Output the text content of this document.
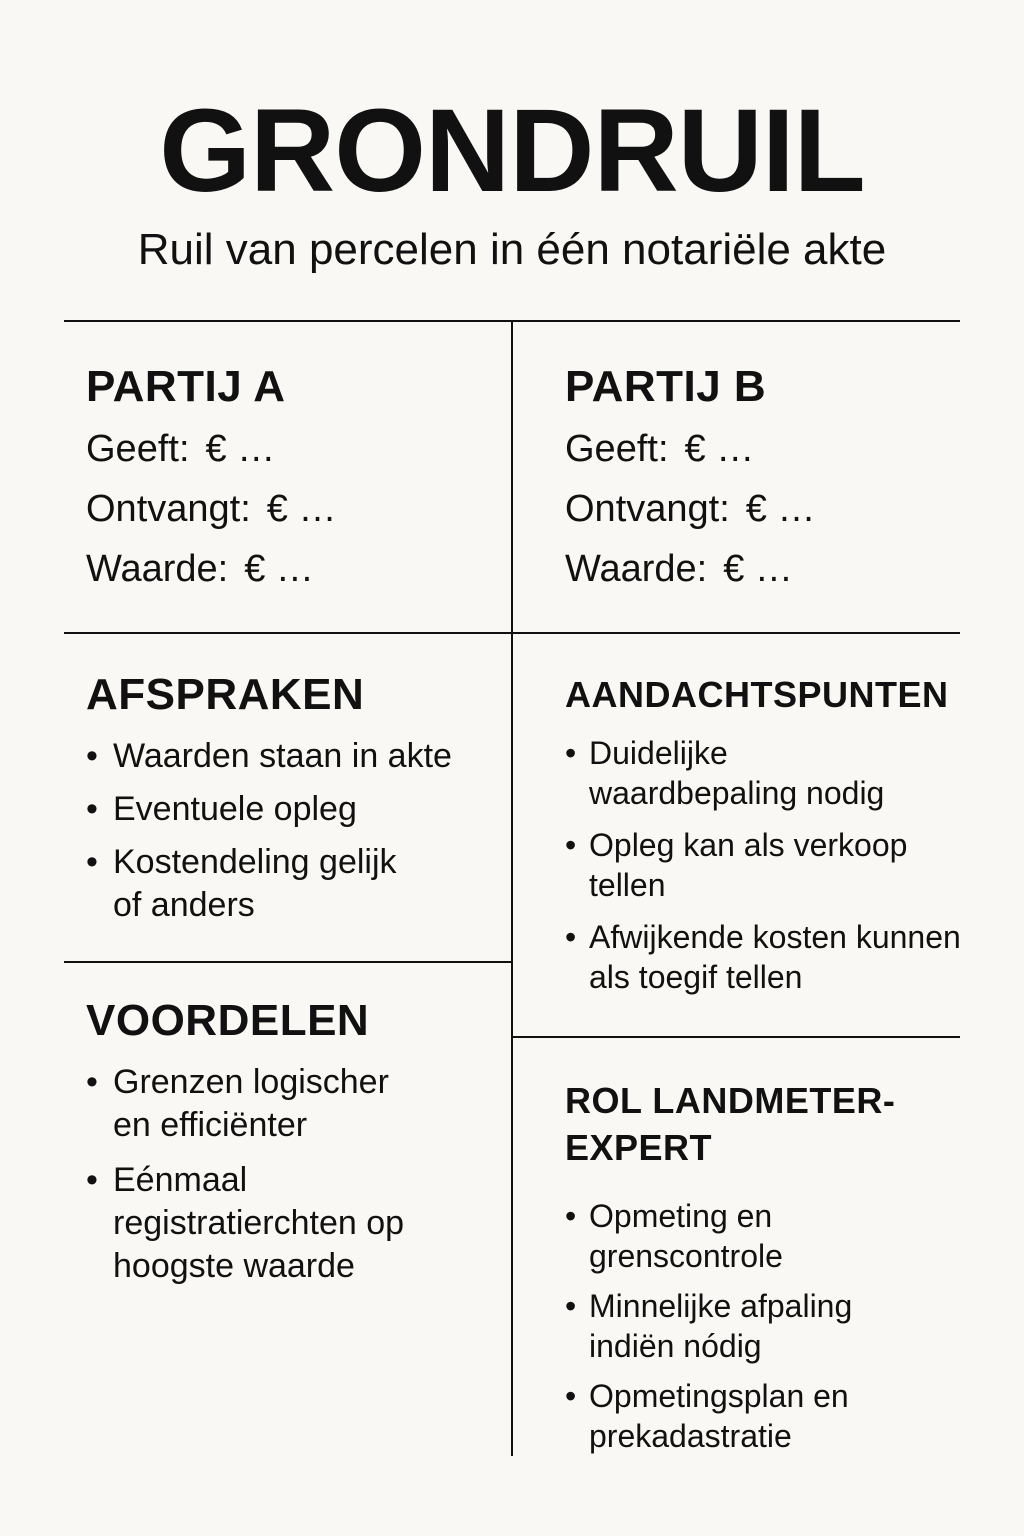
GRONDRUIL
Ruil van percelen in één notariële akte
PARTIJ A
Geeft: € …
Ontvangt: € …
Waarde: € …
PARTIJ B
Geeft: € …
Ontvangt: € …
Waarde: € …
AFSPRAKEN
• Waarden staan in akte
• Eventuele opleg
• Kostendeling gelijk of anders
AANDACHTSPUNTEN
• Duidelijke waardbepaling nodig
• Opleg kan als verkoop tellen
• Afwijkende kosten kunnen als toegif tellen
VOORDELEN
• Grenzen logischer en efficiënter
• Eénmaal registratierchten op hoogste waarde
ROL LANDMETER-EXPERT
• Opmeting en grenscontrole
• Minnelijke afpaling indiën nódig
• Opmetingsplan en prekadastratie
